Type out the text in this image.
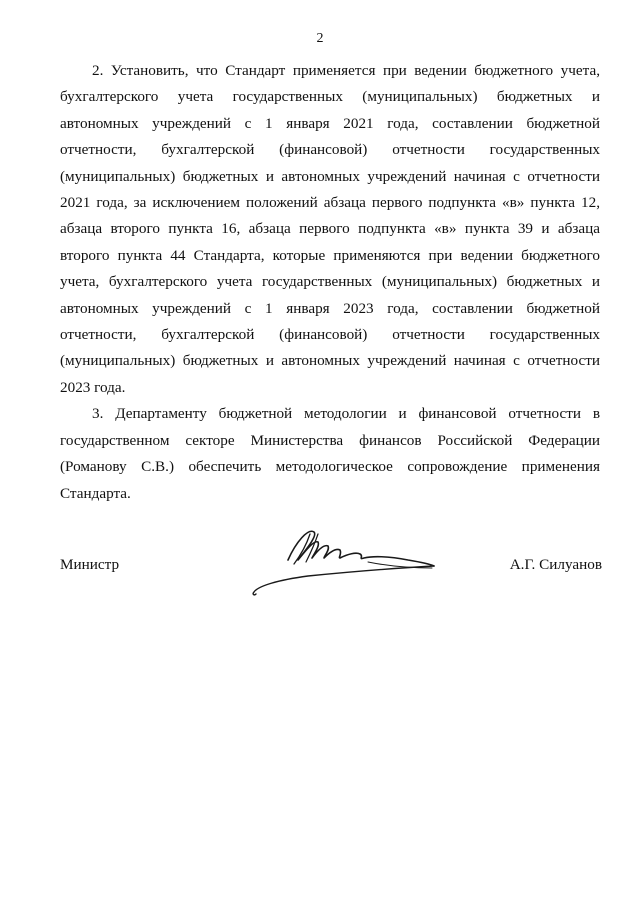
2

2. Установить, что Стандарт применяется при ведении бюджетного учета, бухгалтерского учета государственных (муниципальных) бюджетных и автономных учреждений с 1 января 2021 года, составлении бюджетной отчетности, бухгалтерской (финансовой) отчетности государственных (муниципальных) бюджетных и автономных учреждений начиная с отчетности 2021 года, за исключением положений абзаца первого подпункта «в» пункта 12, абзаца второго пункта 16, абзаца первого подпункта «в» пункта 39 и абзаца второго пункта 44 Стандарта, которые применяются при ведении бюджетного учета, бухгалтерского учета государственных (муниципальных) бюджетных и автономных учреждений с 1 января 2023 года, составлении бюджетной отчетности, бухгалтерской (финансовой) отчетности государственных (муниципальных) бюджетных и автономных учреждений начиная с отчетности 2023 года.

3. Департаменту бюджетной методологии и финансовой отчетности в государственном секторе Министерства финансов Российской Федерации (Романову С.В.) обеспечить методологическое сопровождение применения Стандарта.

Министр	А.Г. Силуанов
